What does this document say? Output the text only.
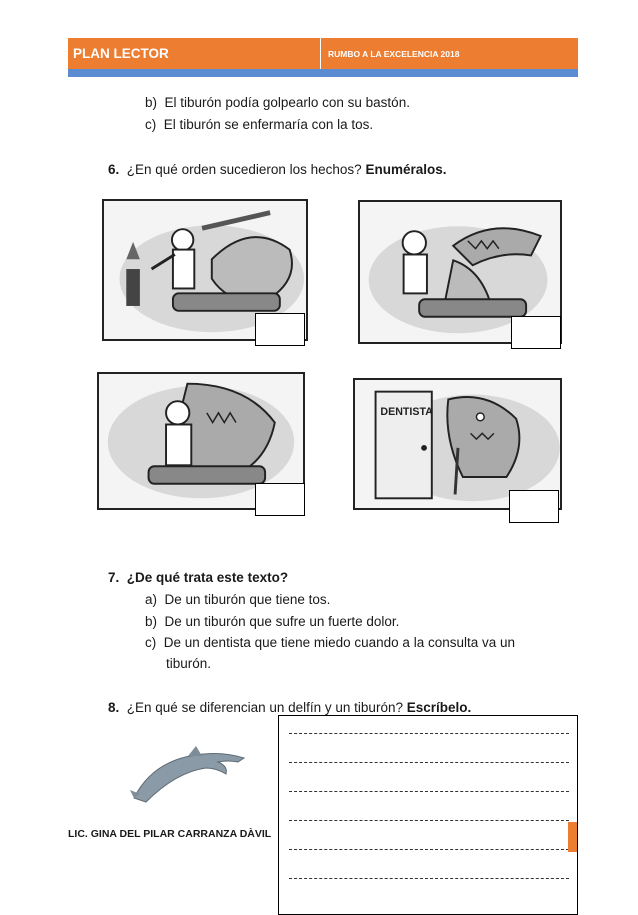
PLAN LECTOR	RUMBO A LA EXCELENCIA 2018
b) El tiburón podía golpearlo con su bastón.
c) El tiburón se enfermaría con la tos.
6. ¿En qué orden sucedieron los hechos? Enuméralos.
DENTISTA
7. ¿De qué trata este texto?
a) De un tiburón que tiene tos.
b) De un tiburón que sufre un fuerte dolor.
c) De un dentista que tiene miedo cuando a la consulta va un
tiburón.
8. ¿En qué se diferencian un delfín y un tiburón? Escríbelo.
LIC. GINA DEL PILAR CARRANZA DÀVIL
